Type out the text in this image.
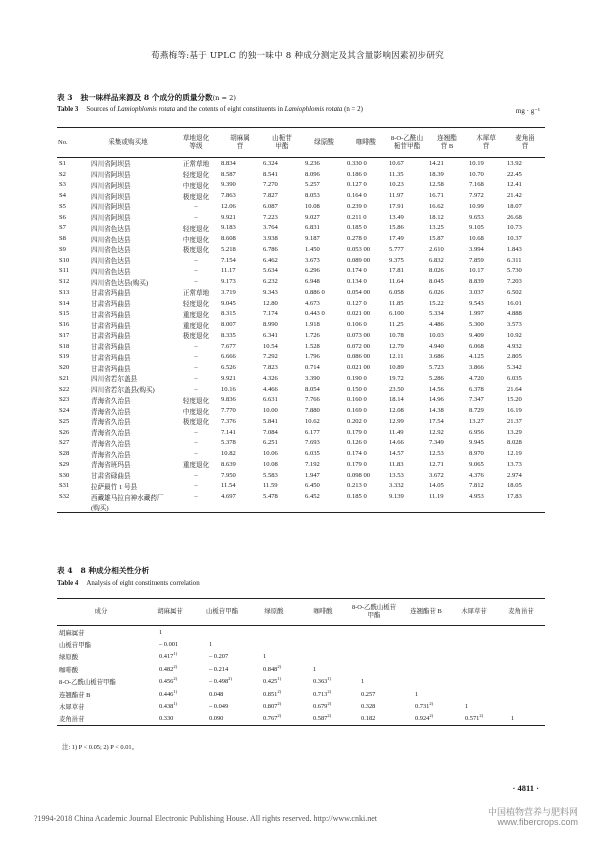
荀燕梅等:基于 UPLC 的独一味中 8 种成分测定及其含量影响因素初步研究
表 3 独一味样品来源及 8 个成分的质量分数(n = 2)
Table 3 Sources of Lamiophlomis rotata and the cotents of eight constituents in Lamiophlomis rotata (n = 2)	mg · g⁻¹
No.	采集或购买地	草地退化等级	胡麻属苷	山栀苷甲酯	绿原酸	咖啡酸	8-O-乙酰山栀苷甲酯	连翘酯苷 B	木犀草苷	麦角甾苷
S1	四川省阿坝县	正常草地	8.834	6.324	9.236	0.330 0	10.67	14.21	10.19	13.92
S2	四川省阿坝县	轻度退化	8.587	8.541	8.096	0.186 0	11.35	18.39	10.70	22.45
S3	四川省阿坝县	中度退化	9.390	7.270	5.257	0.127 0	10.23	12.58	7.168	12.41
S4	四川省阿坝县	极度退化	7.863	7.827	8.053	0.164 0	11.97	16.71	7.972	21.42
S5	四川省阿坝县	–	12.06	6.087	10.08	0.239 0	17.91	16.62	10.99	18.07
S6	四川省阿坝县	–	9.921	7.223	9.027	0.211 0	13.49	18.12	9.653	26.68
S7	四川省色达县	轻度退化	9.183	3.764	6.831	0.185 0	15.86	13.25	9.105	10.73
S8	四川省色达县	中度退化	8.608	3.938	9.187	0.278 0	17.49	15.87	10.68	10.37
S9	四川省色达县	极度退化	5.218	6.786	1.450	0.053 00	5.777	2.610	3.994	1.843
S10	四川省色达县	–	7.154	6.462	3.673	0.089 00	9.375	6.832	7.859	6.311
S11	四川省色达县	–	11.17	5.634	6.296	0.174 0	17.81	8.026	10.17	5.730
S12	四川省色达县(购买)	–	9.173	6.232	6.948	0.134 0	11.64	8.045	8.839	7.203
S13	甘肃省玛曲县	正常草地	3.719	9.343	0.886 0	0.054 00	6.058	6.026	3.037	6.502
S14	甘肃省玛曲县	轻度退化	9.045	12.80	4.673	0.127 0	11.85	15.22	9.543	16.01
S15	甘肃省玛曲县	重度退化	8.315	7.174	0.443 0	0.021 00	6.100	5.334	1.997	4.888
S16	甘肃省玛曲县	重度退化	8.007	8.990	1.918	0.106 0	11.25	4.486	5.300	3.573
S17	甘肃省玛曲县	极度退化	8.335	6.341	1.726	0.073 00	10.78	10.03	9.409	10.92
S18	甘肃省玛曲县	–	7.677	10.54	1.528	0.072 00	12.79	4.940	6.068	4.932
S19	甘肃省玛曲县	–	6.666	7.292	1.796	0.086 00	12.11	3.686	4.125	2.805
S20	甘肃省玛曲县	–	6.526	7.823	0.714	0.021 00	10.89	5.723	3.866	5.342
S21	四川省若尔盖县	–	9.921	4.326	3.390	0.190 0	19.72	5.286	4.720	6.035
S22	四川省若尔盖县(购买)	–	10.16	4.466	8.054	0.150 0	23.50	14.56	6.378	21.64
S23	青海省久治县	轻度退化	9.836	6.631	7.766	0.160 0	18.14	14.96	7.347	15.20
S24	青海省久治县	中度退化	7.770	10.00	7.880	0.169 0	12.08	14.38	8.729	16.19
S25	青海省久治县	极度退化	7.376	5.841	10.62	0.202 0	12.99	17.54	13.27	21.37
S26	青海省久治县	–	7.141	7.084	6.177	0.179 0	11.49	12.92	6.956	13.29
S27	青海省久治县	–	5.378	6.251	7.693	0.126 0	14.66	7.349	9.945	8.028
S28	青海省久治县	–	10.82	10.06	6.035	0.174 0	14.57	12.53	8.970	12.19
S29	青海省班玛县	重度退化	8.639	10.08	7.192	0.179 0	11.83	12.71	9.065	13.73
S30	甘肃省碌曲县	–	7.950	5.583	1.947	0.098 00	13.53	3.672	4.376	2.974
S31	拉萨最竹 1 号县	–	11.54	11.59	6.450	0.213 0	3.332	14.05	7.812	18.05
S32	西藏雄马拉自神水藏药厂	–	4.697	5.478	6.452	0.185 0	9.139	11.19	4.953	17.83
	(购买)									
表 4 8 种成分相关性分析
Table 4 Analysis of eight constituents correlation
成分	胡麻属苷	山栀苷甲酯	绿原酸	咖啡酸	8-O-乙酰山栀苷甲酯	连翘酯苷 B	木犀草苷	麦角甾苷
胡麻属苷	1							
山栀苷甲酯	– 0.001	1						
绿原酸	0.417$^{1)}$	– 0.207	1					
咖啡酸	0.482$^{2)}$	– 0.214	0.848$^{2)}$	1				
8-O-乙酰山栀苷甲酯	0.456$^{2)}$	– 0.498$^{2)}$	0.425$^{1)}$	0.363$^{1)}$	1			
连翘酯苷 B	0.446$^{1)}$	0.048	0.851$^{2)}$	0.713$^{2)}$	0.257	1		
木犀草苷	0.438$^{1)}$	– 0.049	0.807$^{2)}$	0.679$^{2)}$	0.328	0.731$^{2)}$	1	
麦角甾苷	0.330	0.090	0.767$^{2)}$	0.587$^{2)}$	0.182	0.924$^{2)}$	0.571$^{2)}$	1
注: 1) P < 0.05; 2) P < 0.01。
· 4811 ·
?1994-2018 China Academic Journal Electronic Publishing House. All rights reserved. http://www.cnki.net
中国植物营养与肥料网
www.fibercrops.com
